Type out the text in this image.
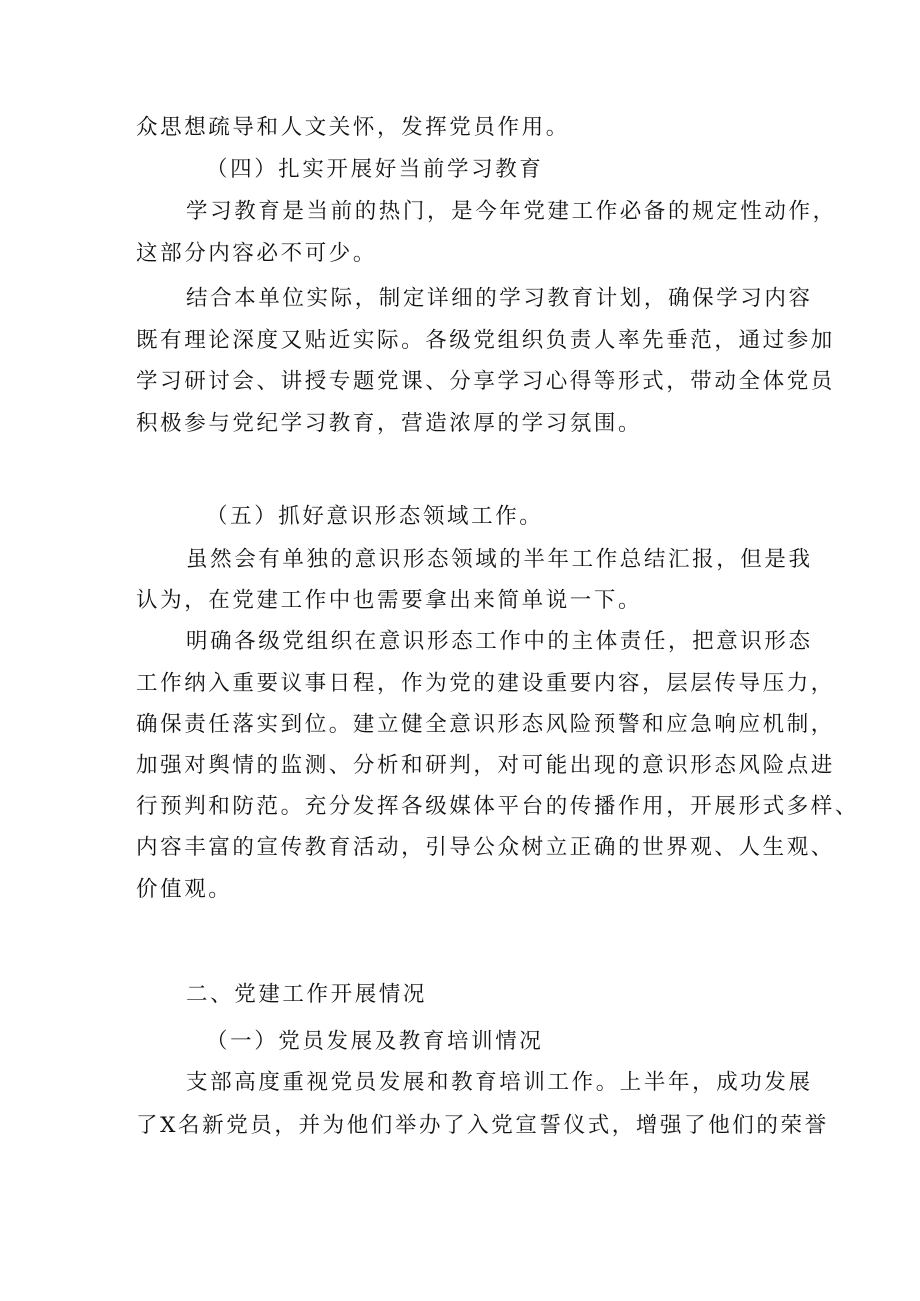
众思想疏导和人文关怀，发挥党员作用。
（四）扎实开展好当前学习教育
学习教育是当前的热门，是今年党建工作必备的规定性动作，
这部分内容必不可少。
结合本单位实际，制定详细的学习教育计划，确保学习内容
既有理论深度又贴近实际。各级党组织负责人率先垂范，通过参加
学习研讨会、讲授专题党课、分享学习心得等形式，带动全体党员
积极参与党纪学习教育，营造浓厚的学习氛围。
（五）抓好意识形态领域工作。
虽然会有单独的意识形态领域的半年工作总结汇报，但是我
认为，在党建工作中也需要拿出来简单说一下。
明确各级党组织在意识形态工作中的主体责任，把意识形态
工作纳入重要议事日程，作为党的建设重要内容，层层传导压力，
确保责任落实到位。建立健全意识形态风险预警和应急响应机制，
加强对舆情的监测、分析和研判，对可能出现的意识形态风险点进
行预判和防范。充分发挥各级媒体平台的传播作用，开展形式多样、
内容丰富的宣传教育活动，引导公众树立正确的世界观、人生观、
价值观。
二、党建工作开展情况
（一）党员发展及教育培训情况
支部高度重视党员发展和教育培训工作。上半年，成功发展
了X名新党员，并为他们举办了入党宣誓仪式，增强了他们的荣誉
